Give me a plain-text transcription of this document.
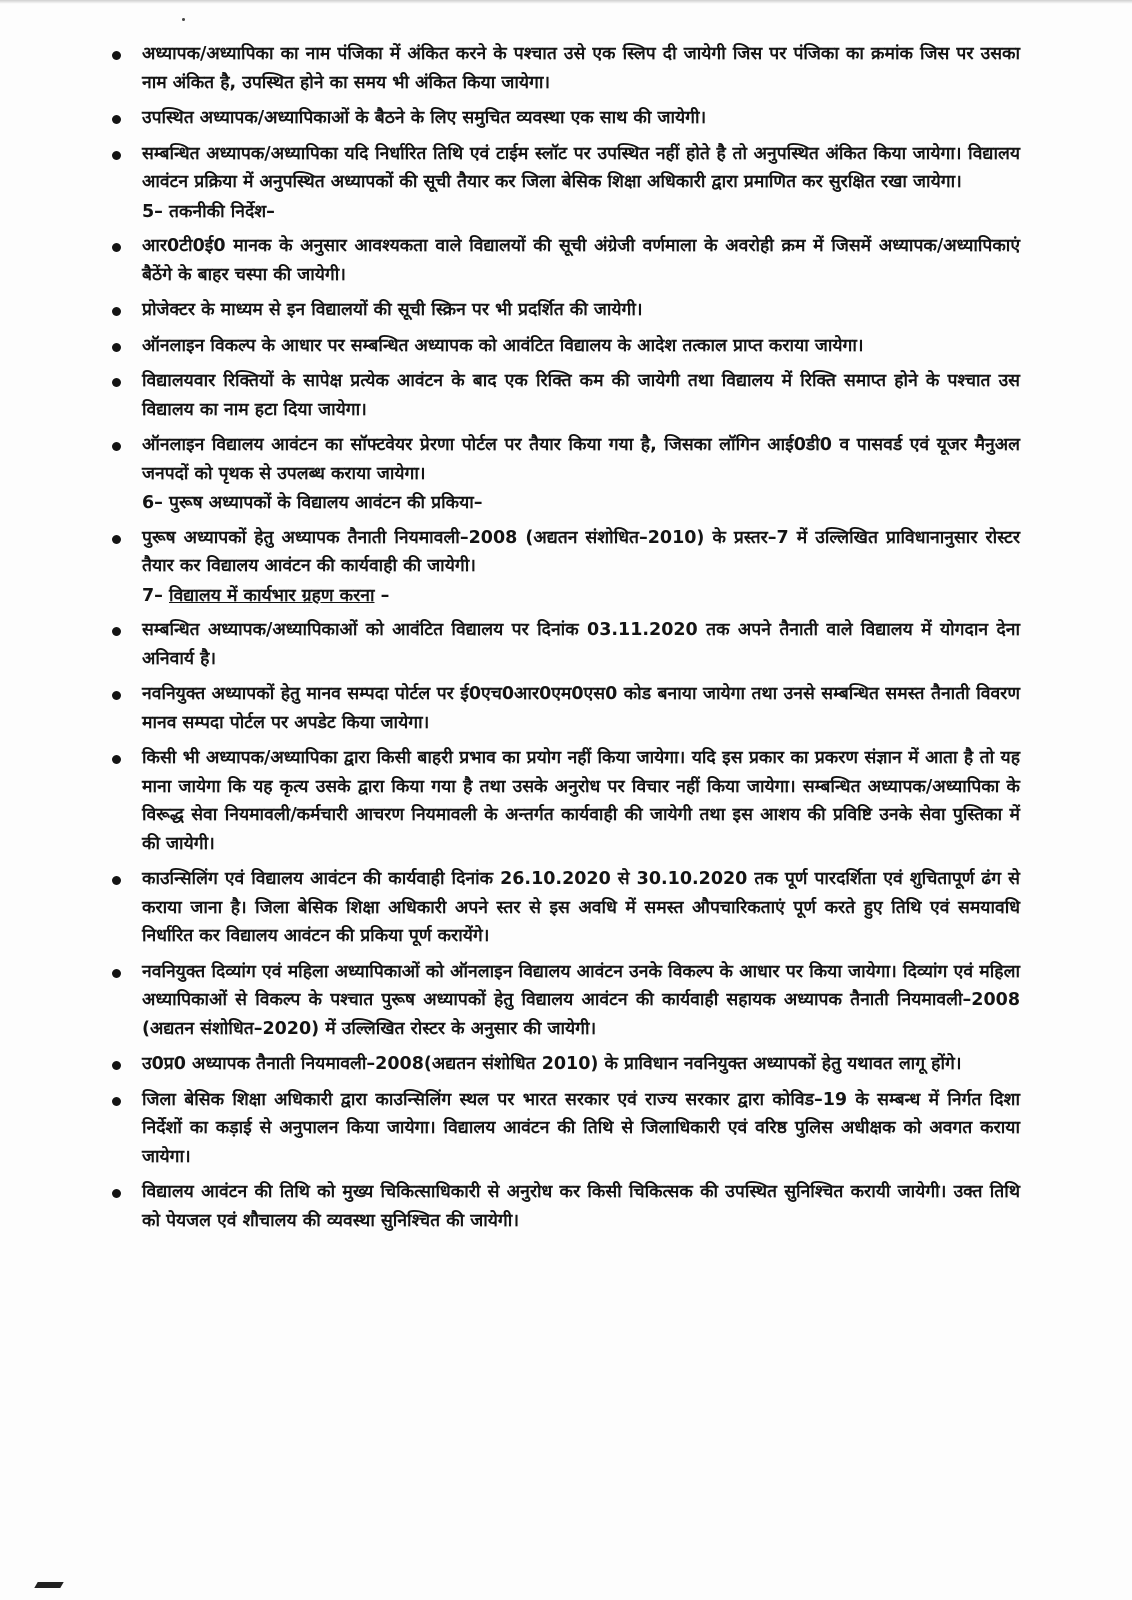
अध्यापक/अध्यापिका का नाम पंजिका में अंकित करने के पश्चात उसे एक स्लिप दी जायेगी जिस पर पंजिका का क्रमांक जिस पर उसका नाम अंकित है, उपस्थित होने का समय भी अंकित किया जायेगा।
उपस्थित अध्यापक/अध्यापिकाओं के बैठने के लिए समुचित व्यवस्था एक साथ की जायेगी।
सम्बन्धित अध्यापक/अध्यापिका यदि निर्धारित तिथि एवं टाईम स्लॉट पर उपस्थित नहीं होते है तो अनुपस्थित अंकित किया जायेगा। विद्यालय आवंटन प्रक्रिया में अनुपस्थित अध्यापकों की सूची तैयार कर जिला बेसिक शिक्षा अधिकारी द्वारा प्रमाणित कर सुरक्षित रखा जायेगा।
5– तकनीकी निर्देश–
आर0टी0ई0 मानक के अनुसार आवश्यकता वाले विद्यालयों की सूची अंग्रेजी वर्णमाला के अवरोही क्रम में जिसमें अध्यापक/अध्यापिकाएं बैठेंगे के बाहर चस्पा की जायेगी।
प्रोजेक्टर के माध्यम से इन विद्यालयों की सूची स्क्रिन पर भी प्रदर्शित की जायेगी।
ऑनलाइन विकल्प के आधार पर सम्बन्धित अध्यापक को आवंटित विद्यालय के आदेश तत्काल प्राप्त कराया जायेगा।
विद्यालयवार रिक्तियों के सापेक्ष प्रत्येक आवंटन के बाद एक रिक्ति कम की जायेगी तथा विद्यालय में रिक्ति समाप्त होने के पश्चात उस विद्यालय का नाम हटा दिया जायेगा।
ऑनलाइन विद्यालय आवंटन का सॉफ्टवेयर प्रेरणा पोर्टल पर तैयार किया गया है, जिसका लॉगिन आई0डी0 व पासवर्ड एवं यूजर मैनुअल जनपदों को पृथक से उपलब्ध कराया जायेगा।
6– पुरूष अध्यापकों के विद्यालय आवंटन की प्रकिया–
पुरूष अध्यापकों हेतु अध्यापक तैनाती नियमावली–2008 (अद्यतन संशोधित–2010) के प्रस्तर–7 में उल्लिखित प्राविधानानुसार रोस्टर तैयार कर विद्यालय आवंटन की कार्यवाही की जायेगी।
7– विद्यालय में कार्यभार ग्रहण करना –
सम्बन्धित अध्यापक/अध्यापिकाओं को आवंटित विद्यालय पर दिनांक 03.11.2020 तक अपने तैनाती वाले विद्यालय में योगदान देना अनिवार्य है।
नवनियुक्त अध्यापकों हेतु मानव सम्पदा पोर्टल पर ई0एच0आर0एम0एस0 कोड बनाया जायेगा तथा उनसे सम्बन्धित समस्त तैनाती विवरण मानव सम्पदा पोर्टल पर अपडेट किया जायेगा।
किसी भी अध्यापक/अध्यापिका द्वारा किसी बाहरी प्रभाव का प्रयोग नहीं किया जायेगा। यदि इस प्रकार का प्रकरण संज्ञान में आता है तो यह माना जायेगा कि यह कृत्य उसके द्वारा किया गया है तथा उसके अनुरोध पर विचार नहीं किया जायेगा। सम्बन्धित अध्यापक/अध्यापिका के विरूद्ध सेवा नियमावली/कर्मचारी आचरण नियमावली के अन्तर्गत कार्यवाही की जायेगी तथा इस आशय की प्रविष्टि उनके सेवा पुस्तिका में की जायेगी।
काउन्सिलिंग एवं विद्यालय आवंटन की कार्यवाही दिनांक 26.10.2020 से 30.10.2020 तक पूर्ण पारदर्शिता एवं शुचितापूर्ण ढंग से कराया जाना है। जिला बेसिक शिक्षा अधिकारी अपने स्तर से इस अवधि में समस्त औपचारिकताएं पूर्ण करते हुए तिथि एवं समयावधि निर्धारित कर विद्यालय आवंटन की प्रकिया पूर्ण करायेंगे।
नवनियुक्त दिव्यांग एवं महिला अध्यापिकाओं को ऑनलाइन विद्यालय आवंटन उनके विकल्प के आधार पर किया जायेगा। दिव्यांग एवं महिला अध्यापिकाओं से विकल्प के पश्चात पुरूष अध्यापकों हेतु विद्यालय आवंटन की कार्यवाही सहायक अध्यापक तैनाती नियमावली–2008 (अद्यतन संशोधित–2020) में उल्लिखित रोस्टर के अनुसार की जायेगी।
उ0प्र0 अध्यापक तैनाती नियमावली–2008(अद्यतन संशोधित 2010) के प्राविधान नवनियुक्त अध्यापकों हेतु यथावत लागू होंगे।
जिला बेसिक शिक्षा अधिकारी द्वारा काउन्सिलिंग स्थल पर भारत सरकार एवं राज्य सरकार द्वारा कोविड–19 के सम्बन्ध में निर्गत दिशा निर्देशों का कड़ाई से अनुपालन किया जायेगा। विद्यालय आवंटन की तिथि से जिलाधिकारी एवं वरिष्ठ पुलिस अधीक्षक को अवगत कराया जायेगा।
विद्यालय आवंटन की तिथि को मुख्य चिकित्साधिकारी से अनुरोध कर किसी चिकित्सक की उपस्थित सुनिश्चित करायी जायेगी। उक्त तिथि को पेयजल एवं शौचालय की व्यवस्था सुनिश्चित की जायेगी।
